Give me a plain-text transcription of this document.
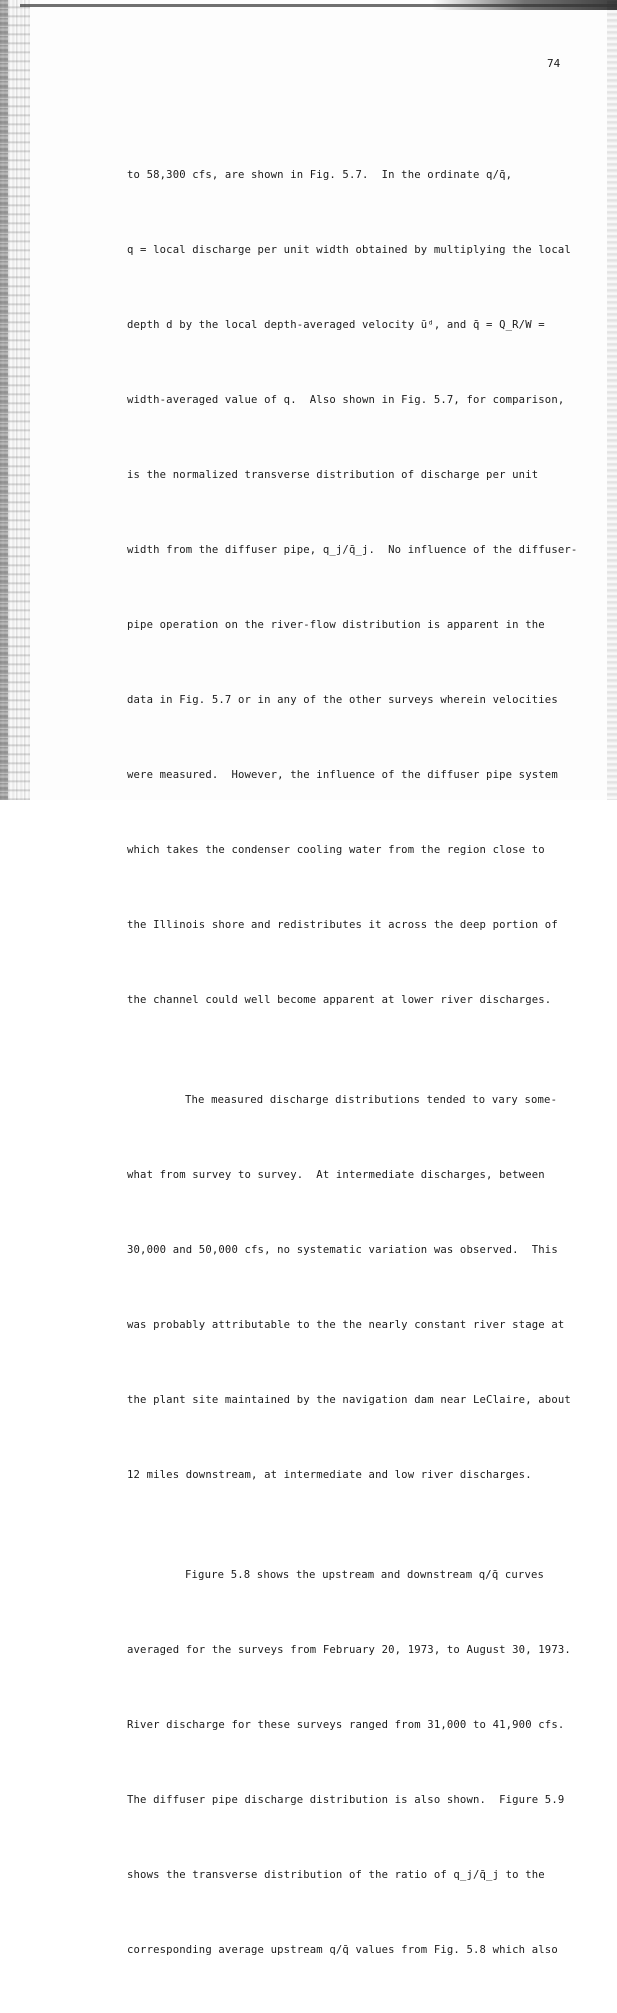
74

to 58,300 cfs, are shown in Fig. 5.7.  In the ordinate q/q̄,

q = local discharge per unit width obtained by multiplying the local

depth d by the local depth-averaged velocity ūᵈ, and q̄ = Q_R/W =

width-averaged value of q.  Also shown in Fig. 5.7, for comparison,

is the normalized transverse distribution of discharge per unit

width from the diffuser pipe, q_j/q̄_j.  No influence of the diffuser-

pipe operation on the river-flow distribution is apparent in the

data in Fig. 5.7 or in any of the other surveys wherein velocities

were measured.  However, the influence of the diffuser pipe system

which takes the condenser cooling water from the region close to

the Illinois shore and redistributes it across the deep portion of

the channel could well become apparent at lower river discharges.

The measured discharge distributions tended to vary some-

what from survey to survey.  At intermediate discharges, between

30,000 and 50,000 cfs, no systematic variation was observed.  This

was probably attributable to the the nearly constant river stage at

the plant site maintained by the navigation dam near LeClaire, about

12 miles downstream, at intermediate and low river discharges.

Figure 5.8 shows the upstream and downstream q/q̄ curves

averaged for the surveys from February 20, 1973, to August 30, 1973.

River discharge for these surveys ranged from 31,000 to 41,900 cfs.

The diffuser pipe discharge distribution is also shown.  Figure 5.9

shows the transverse distribution of the ratio of q_j/q̄_j to the

corresponding average upstream q/q̄ values from Fig. 5.8 which also
